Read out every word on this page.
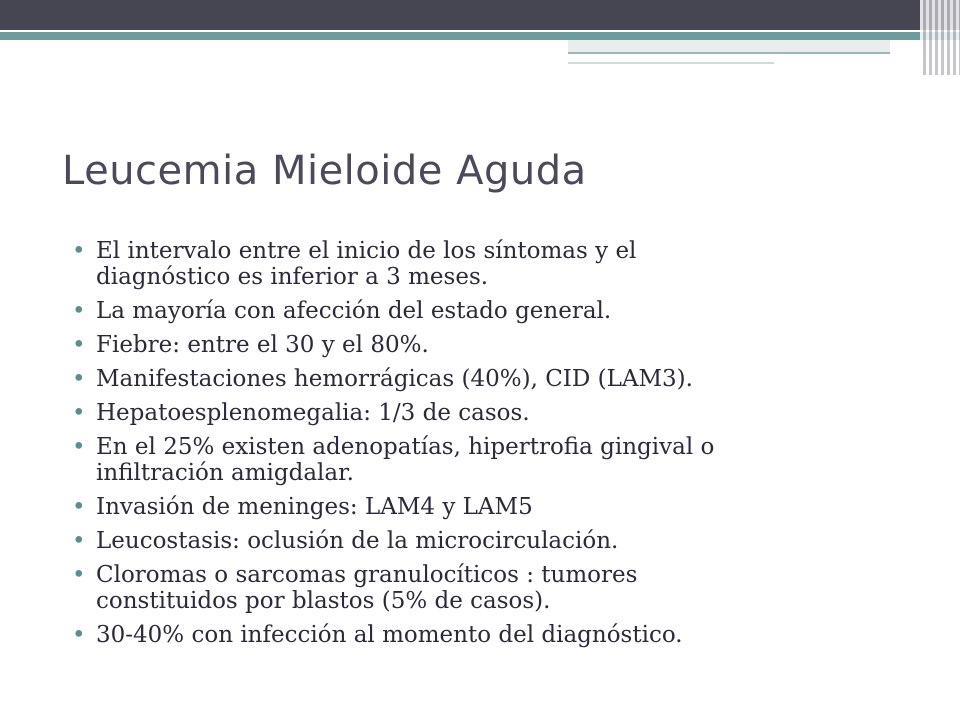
Leucemia Mieloide Aguda
• El intervalo entre el inicio de los síntomas y el
diagnóstico es inferior a 3 meses.
• La mayoría con afección del estado general.
• Fiebre: entre el 30 y el 80%.
• Manifestaciones hemorrágicas (40%), CID (LAM3).
• Hepatoesplenomegalia: 1/3 de casos.
• En el 25% existen adenopatías, hipertrofia gingival o
infiltración amigdalar.
• Invasión de meninges: LAM4 y LAM5
• Leucostasis: oclusión de la microcirculación.
• Cloromas o sarcomas granulocíticos : tumores
constituidos por blastos (5% de casos).
• 30-40% con infección al momento del diagnóstico.
